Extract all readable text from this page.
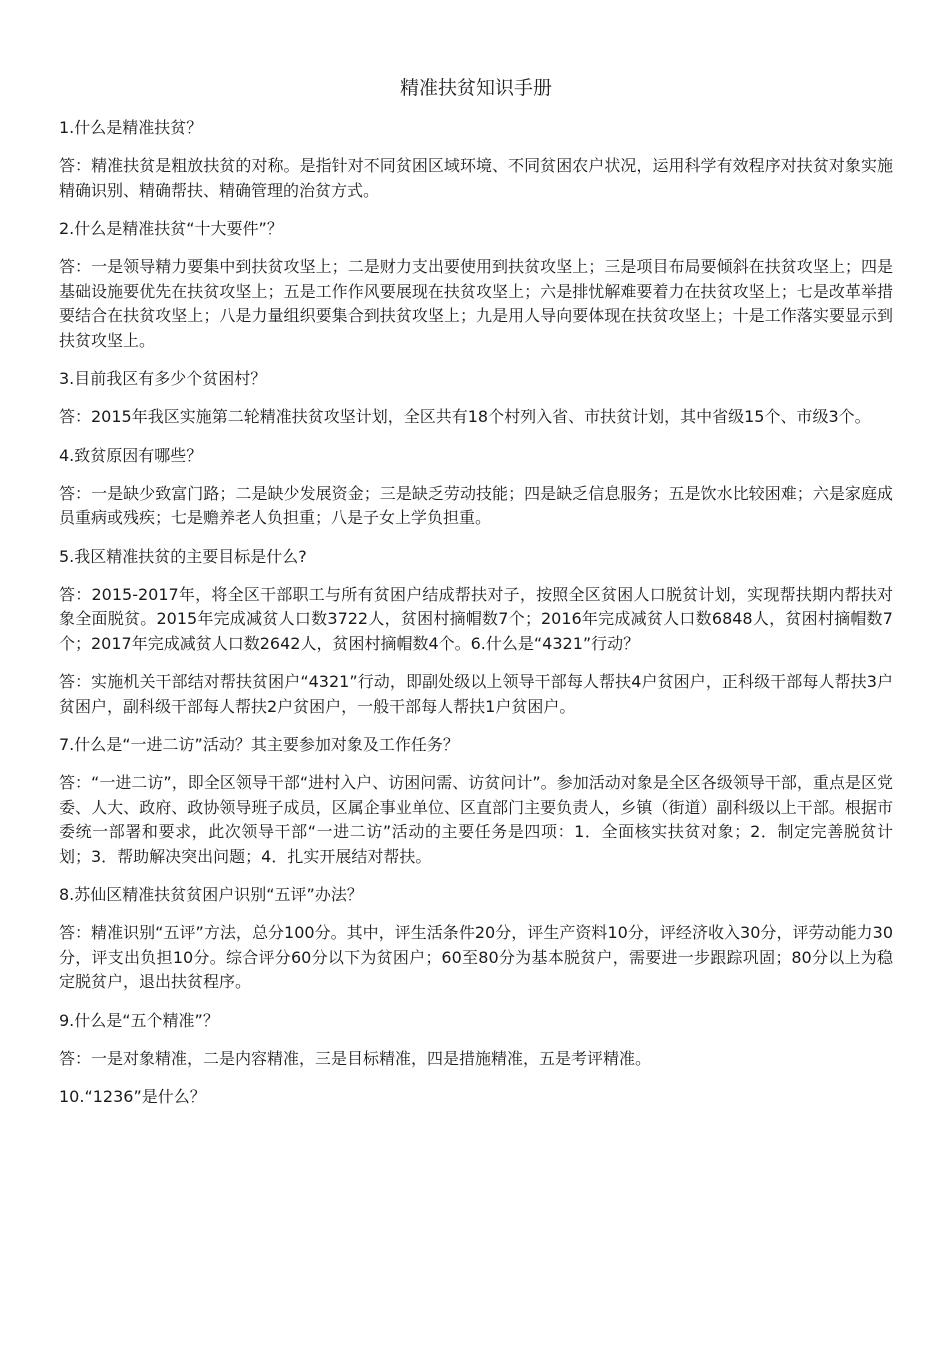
精准扶贫知识手册

1.什么是精准扶贫？

答：精准扶贫是粗放扶贫的对称。是指针对不同贫困区域环境、不同贫困农户状况，运用科学有效程序对扶贫对象实施精确识别、精确帮扶、精确管理的治贫方式。

2.什么是精准扶贫“十大要件”？

答：一是领导精力要集中到扶贫攻坚上；二是财力支出要使用到扶贫攻坚上；三是项目布局要倾斜在扶贫攻坚上；四是基础设施要优先在扶贫攻坚上；五是工作作风要展现在扶贫攻坚上；六是排忧解难要着力在扶贫攻坚上；七是改革举措要结合在扶贫攻坚上；八是力量组织要集合到扶贫攻坚上；九是用人导向要体现在扶贫攻坚上；十是工作落实要显示到扶贫攻坚上。

3.目前我区有多少个贫困村？

答：2015年我区实施第二轮精准扶贫攻坚计划，全区共有18个村列入省、市扶贫计划，其中省级15个、市级3个。

4.致贫原因有哪些？

答：一是缺少致富门路；二是缺少发展资金；三是缺乏劳动技能；四是缺乏信息服务；五是饮水比较困难；六是家庭成员重病或残疾；七是赡养老人负担重；八是子女上学负担重。

5.我区精准扶贫的主要目标是什么?

答：2015-2017年，将全区干部职工与所有贫困户结成帮扶对子，按照全区贫困人口脱贫计划，实现帮扶期内帮扶对象全面脱贫。2015年完成减贫人口数3722人，贫困村摘帽数7个；2016年完成减贫人口数6848人，贫困村摘帽数7个；2017年完成减贫人口数2642人，贫困村摘帽数4个。6.什么是“4321”行动？

答：实施机关干部结对帮扶贫困户“4321”行动，即副处级以上领导干部每人帮扶4户贫困户，正科级干部每人帮扶3户贫困户，副科级干部每人帮扶2户贫困户，一般干部每人帮扶1户贫困户。

7.什么是“一进二访”活动？其主要参加对象及工作任务？

答：“一进二访”，即全区领导干部“进村入户、访困问需、访贫问计”。参加活动对象是全区各级领导干部，重点是区党委、人大、政府、政协领导班子成员，区属企事业单位、区直部门主要负责人，乡镇（街道）副科级以上干部。根据市委统一部署和要求，此次领导干部“一进二访”活动的主要任务是四项：1．全面核实扶贫对象；2．制定完善脱贫计划；3．帮助解决突出问题；4．扎实开展结对帮扶。

8.苏仙区精准扶贫贫困户识别“五评”办法？

答：精准识别“五评”方法，总分100分。其中，评生活条件20分，评生产资料10分，评经济收入30分，评劳动能力30分，评支出负担10分。综合评分60分以下为贫困户；60至80分为基本脱贫户，需要进一步跟踪巩固；80分以上为稳定脱贫户，退出扶贫程序。

9.什么是“五个精准”？

答：一是对象精准，二是内容精准，三是目标精准，四是措施精准，五是考评精准。

10.“1236”是什么？
